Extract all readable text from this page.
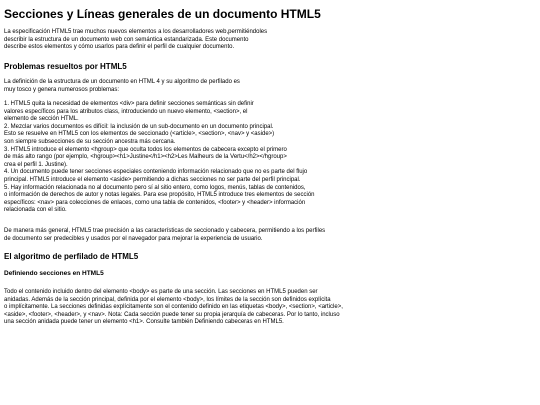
Secciones y Líneas generales de un documento HTML5
La especificación HTML5 trae muchos nuevos elementos a los desarrolladores web,permitiéndoles
describir la estructura de un documento web con semántica estandarizada. Este documento
describe estos elementos y cómo usarlos para definir el perfil de cualquier documento.
Problemas resueltos por HTML5
La definición de la estructura de un documento en HTML 4 y su algoritmo de perfilado es
muy tosco y genera numerosos problemas:
1. HTML5 quita la necesidad de elementos <div> para definir secciones semánticas sin definir
valores específicos para los atributos class, introduciendo un nuevo elemento, <section>, el
elemento de sección HTML.
2. Mezclar varios documentos es difícil: la inclusión de un sub-documento en un documento principal.
Esto se resuelve en HTML5 con los elementos de seccionado (<article>, <section>, <nav> y <aside>)
son siempre subsecciones de su sección ancestra más cercana.
3. HTML5 introduce el elemento <hgroup> que oculta todos los elementos de cabecera excepto el primero
de más alto rango (por ejemplo, <hgroup><h1>Justine</h1><h2>Les Malheurs de la Vertu</h2></hgroup>
crea el perfil 1. Justine).
4. Un documento puede tener secciones especiales conteniendo información relacionado que no es parte del flujo
principal. HTML5 introduce el elemento <aside> permitiendo a dichas secciones no ser parte del perfil principal.
5. Hay información relacionada no al documento pero sí al sitio entero, como logos, menús, tablas de contenidos,
o información de derechos de autor y notas legales. Para ese propósito, HTML5 introduce tres elementos de sección
específicos: <nav> para colecciones de enlaces, como una tabla de contenidos, <footer> y <header> información
relacionada con el sitio.
De manera más general, HTML5 trae precisión a las características de seccionado y cabecera, permitiendo a los perfiles
de documento ser predecibles y usados por el navegador para mejorar la experiencia de usuario.
El algoritmo de perfilado de HTML5
Definiendo secciones en HTML5
Todo el contenido incluido dentro del elemento <body> es parte de una sección. Las secciones en HTML5 pueden ser
anidadas. Además de la sección principal, definida por el elemento <body>, los límites de la sección son definidos explícita
o implícitamente. La secciones definidas explícitamente son el contenido definido en las etiquetas <body>, <section>, <article>,
<aside>, <footer>, <header>, y <nav>. Nota: Cada sección puede tener su propia jerarquía de cabeceras. Por lo tanto, incluso
una sección anidada puede tener un elemento <h1>. Consulte también Definiendo cabeceras en HTML5.
